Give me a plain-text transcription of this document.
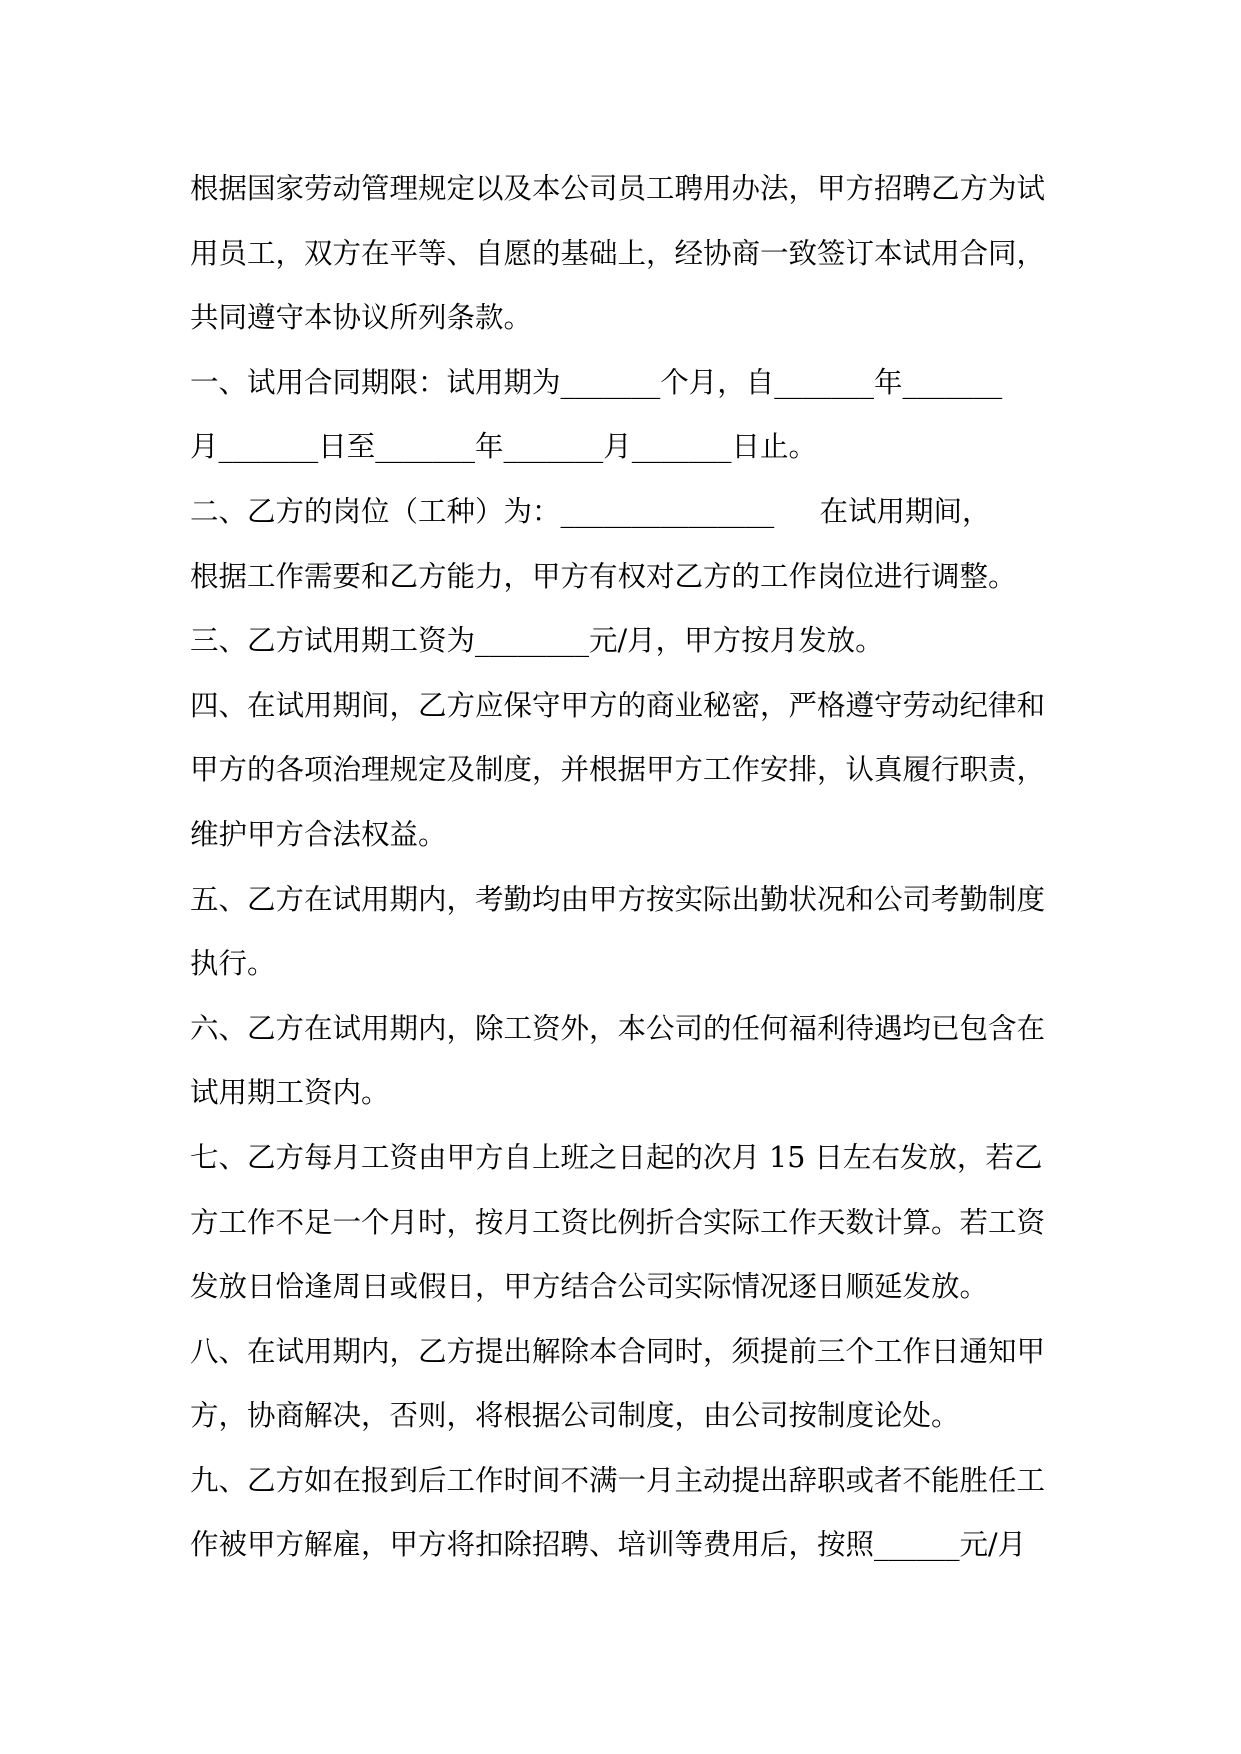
根据国家劳动管理规定以及本公司员工聘用办法，甲方招聘乙方为试
用员工，双方在平等、自愿的基础上，经协商一致签订本试用合同，
共同遵守本协议所列条款。
一、试用合同期限：试用期为_______个月，自_______年_______
月_______日至_______年_______月_______日止。
二、乙方的岗位（工种）为：_______________     在试用期间，
根据工作需要和乙方能力，甲方有权对乙方的工作岗位进行调整。
三、乙方试用期工资为________元/月，甲方按月发放。
四、在试用期间，乙方应保守甲方的商业秘密，严格遵守劳动纪律和
甲方的各项治理规定及制度，并根据甲方工作安排，认真履行职责，
维护甲方合法权益。
五、乙方在试用期内，考勤均由甲方按实际出勤状况和公司考勤制度
执行。
六、乙方在试用期内，除工资外，本公司的任何福利待遇均已包含在
试用期工资内。
七、乙方每月工资由甲方自上班之日起的次月 15 日左右发放，若乙
方工作不足一个月时，按月工资比例折合实际工作天数计算。若工资
发放日恰逢周日或假日，甲方结合公司实际情况逐日顺延发放。
八、在试用期内，乙方提出解除本合同时，须提前三个工作日通知甲
方，协商解决，否则，将根据公司制度，由公司按制度论处。
九、乙方如在报到后工作时间不满一月主动提出辞职或者不能胜任工
作被甲方解雇，甲方将扣除招聘、培训等费用后，按照______元/月
